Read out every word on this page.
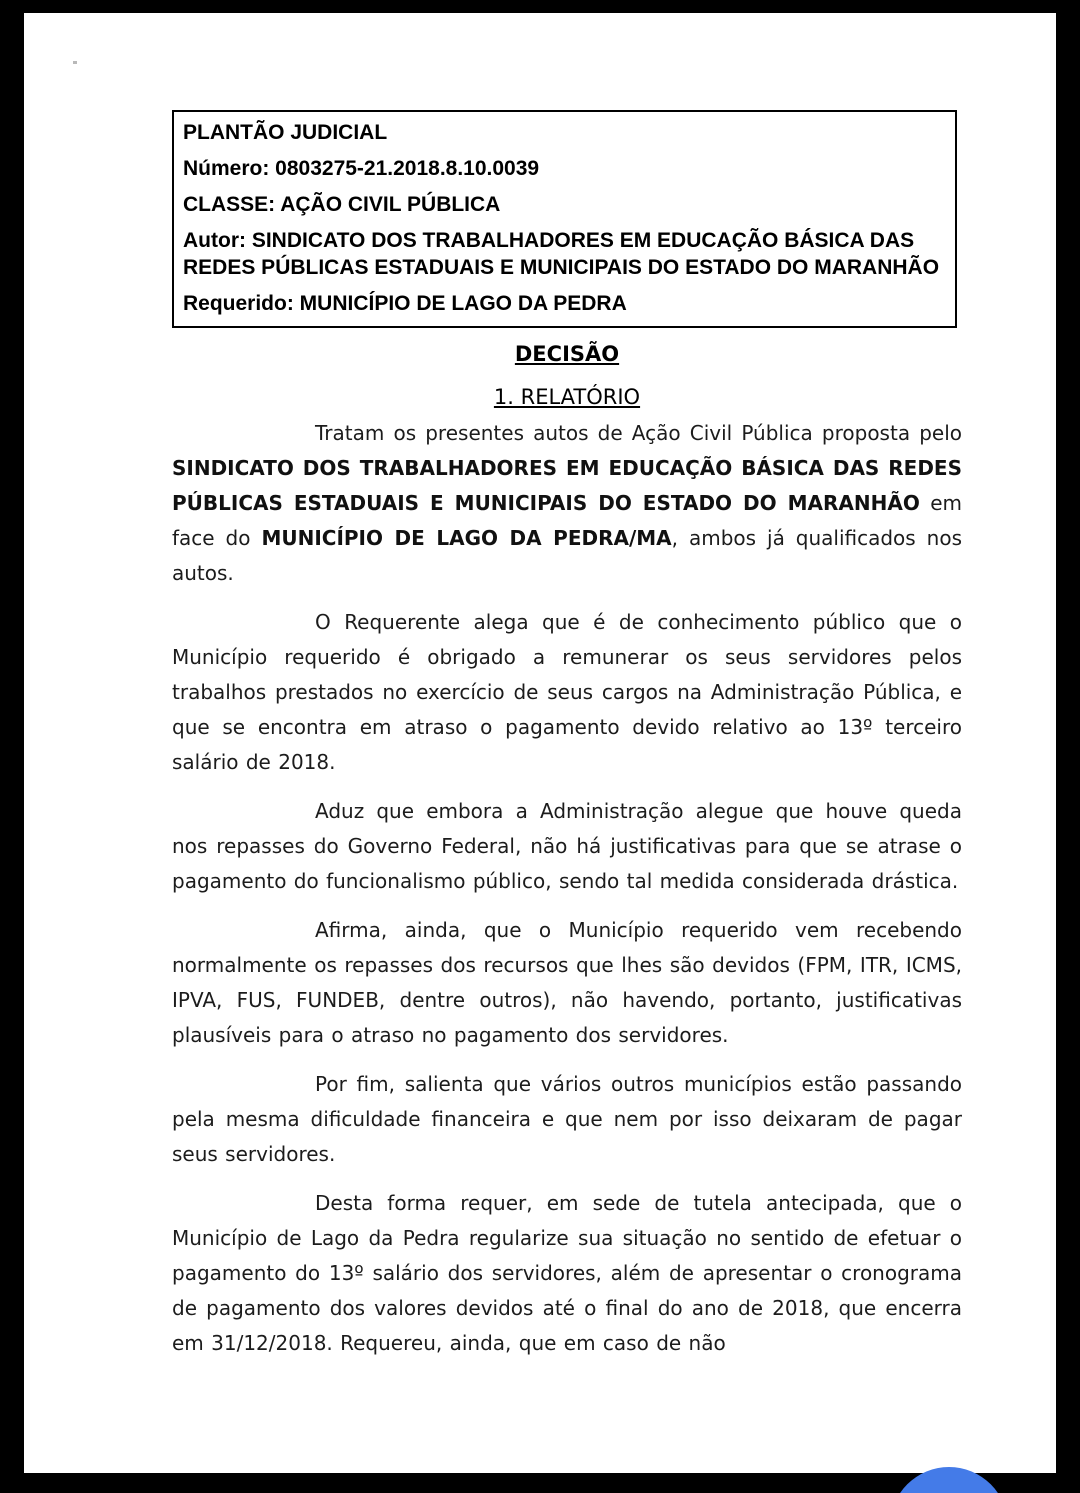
PLANTÃO JUDICIAL

Número: 0803275-21.2018.8.10.0039

CLASSE: AÇÃO CIVIL PÚBLICA

Autor: SINDICATO DOS TRABALHADORES EM EDUCAÇÃO BÁSICA DAS REDES PÚBLICAS ESTADUAIS E MUNICIPAIS DO ESTADO DO MARANHÃO

Requerido: MUNICÍPIO DE LAGO DA PEDRA

DECISÃO
1. RELATÓRIO

Tratam os presentes autos de Ação Civil Pública proposta pelo SINDICATO DOS TRABALHADORES EM EDUCAÇÃO BÁSICA DAS REDES PÚBLICAS ESTADUAIS E MUNICIPAIS DO ESTADO DO MARANHÃO em face do MUNICÍPIO DE LAGO DA PEDRA/MA, ambos já qualificados nos autos.

O Requerente alega que é de conhecimento público que o Município requerido é obrigado a remunerar os seus servidores pelos trabalhos prestados no exercício de seus cargos na Administração Pública, e que se encontra em atraso o pagamento devido relativo ao 13º terceiro salário de 2018.

Aduz que embora a Administração alegue que houve queda nos repasses do Governo Federal, não há justificativas para que se atrase o pagamento do funcionalismo público, sendo tal medida considerada drástica.

Afirma, ainda, que o Município requerido vem recebendo normalmente os repasses dos recursos que lhes são devidos (FPM, ITR, ICMS, IPVA, FUS, FUNDEB, dentre outros), não havendo, portanto, justificativas plausíveis para o atraso no pagamento dos servidores.

Por fim, salienta que vários outros municípios estão passando pela mesma dificuldade financeira e que nem por isso deixaram de pagar seus servidores.

Desta forma requer, em sede de tutela antecipada, que o Município de Lago da Pedra regularize sua situação no sentido de efetuar o pagamento do 13º salário dos servidores, além de apresentar o cronograma de pagamento dos valores devidos até o final do ano de 2018, que encerra em 31/12/2018. Requereu, ainda, que em caso de não
